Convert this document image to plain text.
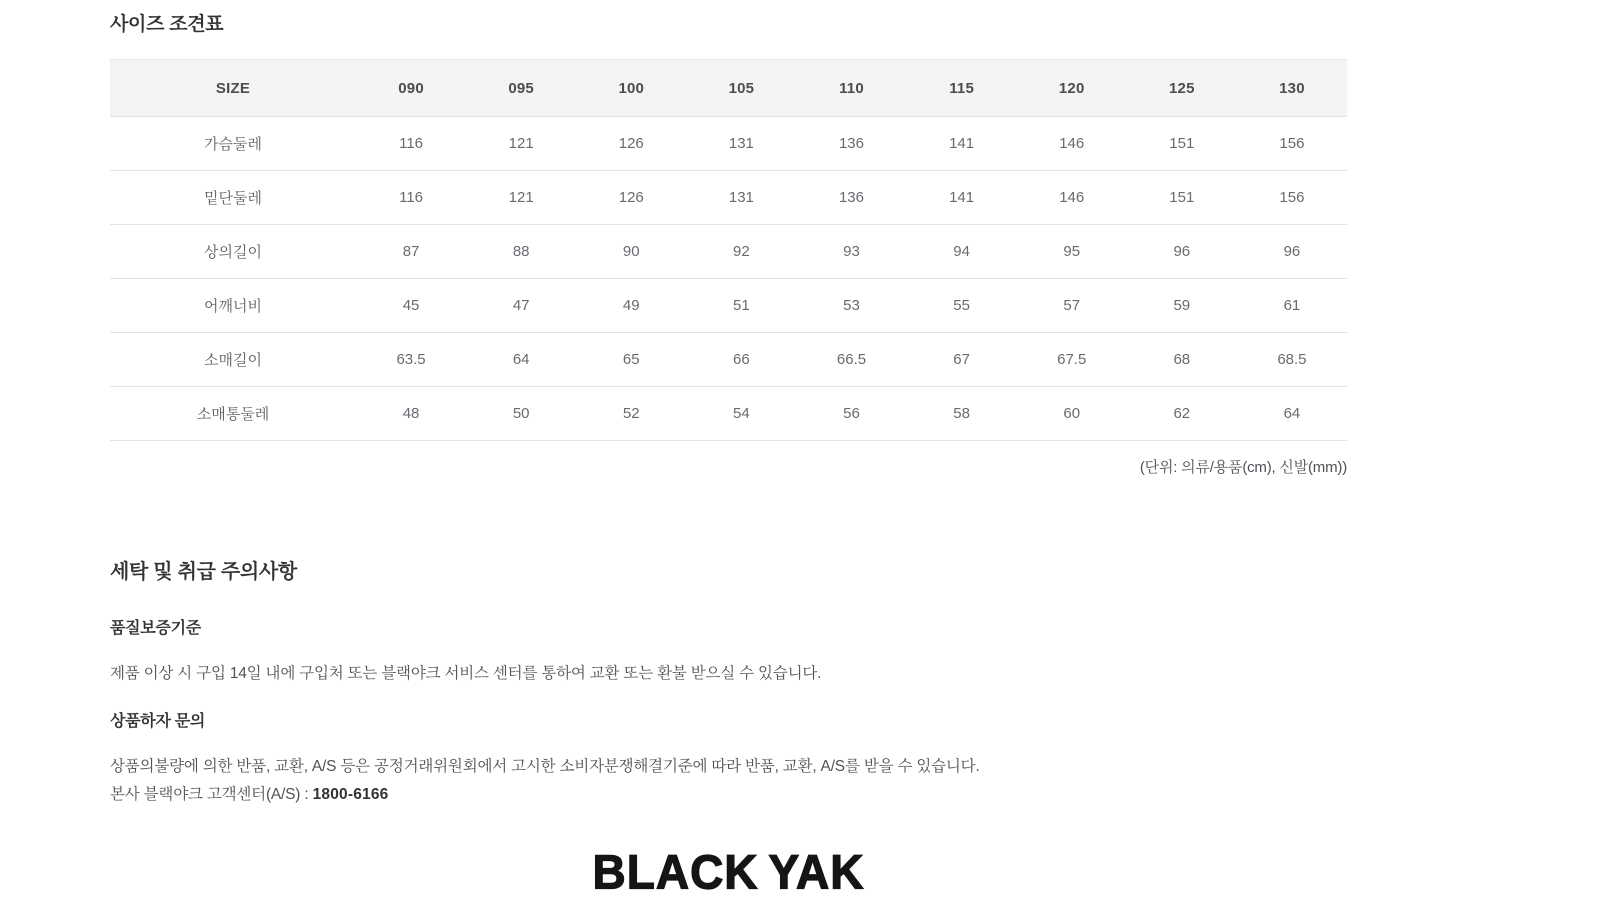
사이즈 조견표
SIZE	090	095	100	105	110	115	120	125	130
가슴둘레	116	121	126	131	136	141	146	151	156
밑단둘레	116	121	126	131	136	141	146	151	156
상의길이	87	88	90	92	93	94	95	96	96
어깨너비	45	47	49	51	53	55	57	59	61
소매길이	63.5	64	65	66	66.5	67	67.5	68	68.5
소매통둘레	48	50	52	54	56	58	60	62	64
(단위: 의류/용품(cm), 신발(mm))
세탁 및 취급 주의사항
품질보증기준

제품 이상 시 구입 14일 내에 구입처 또는 블랙야크 서비스 센터를 통하여 교환 또는 환불 받으실 수 있습니다.

상품하자 문의

상품의불량에 의한 반품, 교환, A/S 등은 공정거래위원회에서 고시한 소비자분쟁해결기준에 따라 반품, 교환, A/S를 받을 수 있습니다.
본사 블랙야크 고객센터(A/S) : 1800-6166

BLACK YAK
